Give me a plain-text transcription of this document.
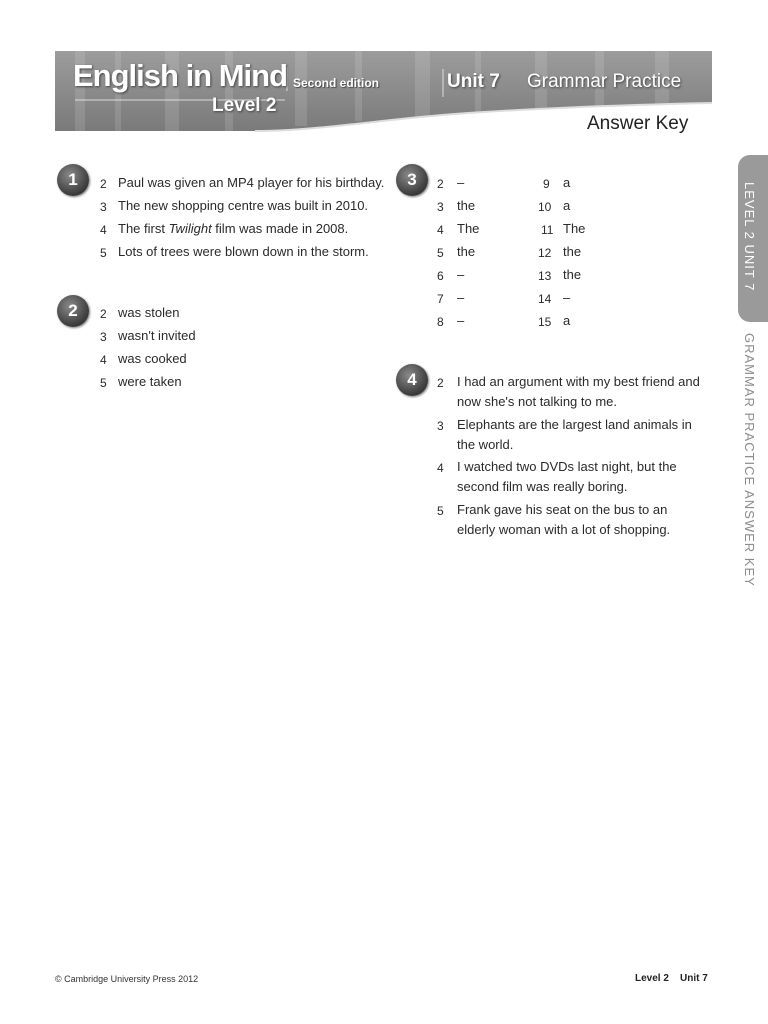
English in Mind Second edition
Level 2
Unit 7 Grammar Practice
Answer Key
LEVEL 2 UNIT 7
GRAMMAR PRACTICE ANSWER KEY
1	2 Paul was given an MP4 player for his birthday.
3 The new shopping centre was built in 2010.
4 The first Twilight film was made in 2008.
5 Lots of trees were blown down in the storm.
2	2 was stolen
3 wasn't invited
4 was cooked
5 were taken
3	2 –
3 the
4 The
5 the
6 –
7 –
8 –
9 a
10 a
11 The
12 the
13 the
14 –
15 a
4	2 I had an argument with my best friend and now she's not talking to me.
3 Elephants are the largest land animals in the world.
4 I watched two DVDs last night, but the second film was really boring.
5 Frank gave his seat on the bus to an elderly woman with a lot of shopping.
© Cambridge University Press 2012	Level 2    Unit 7
